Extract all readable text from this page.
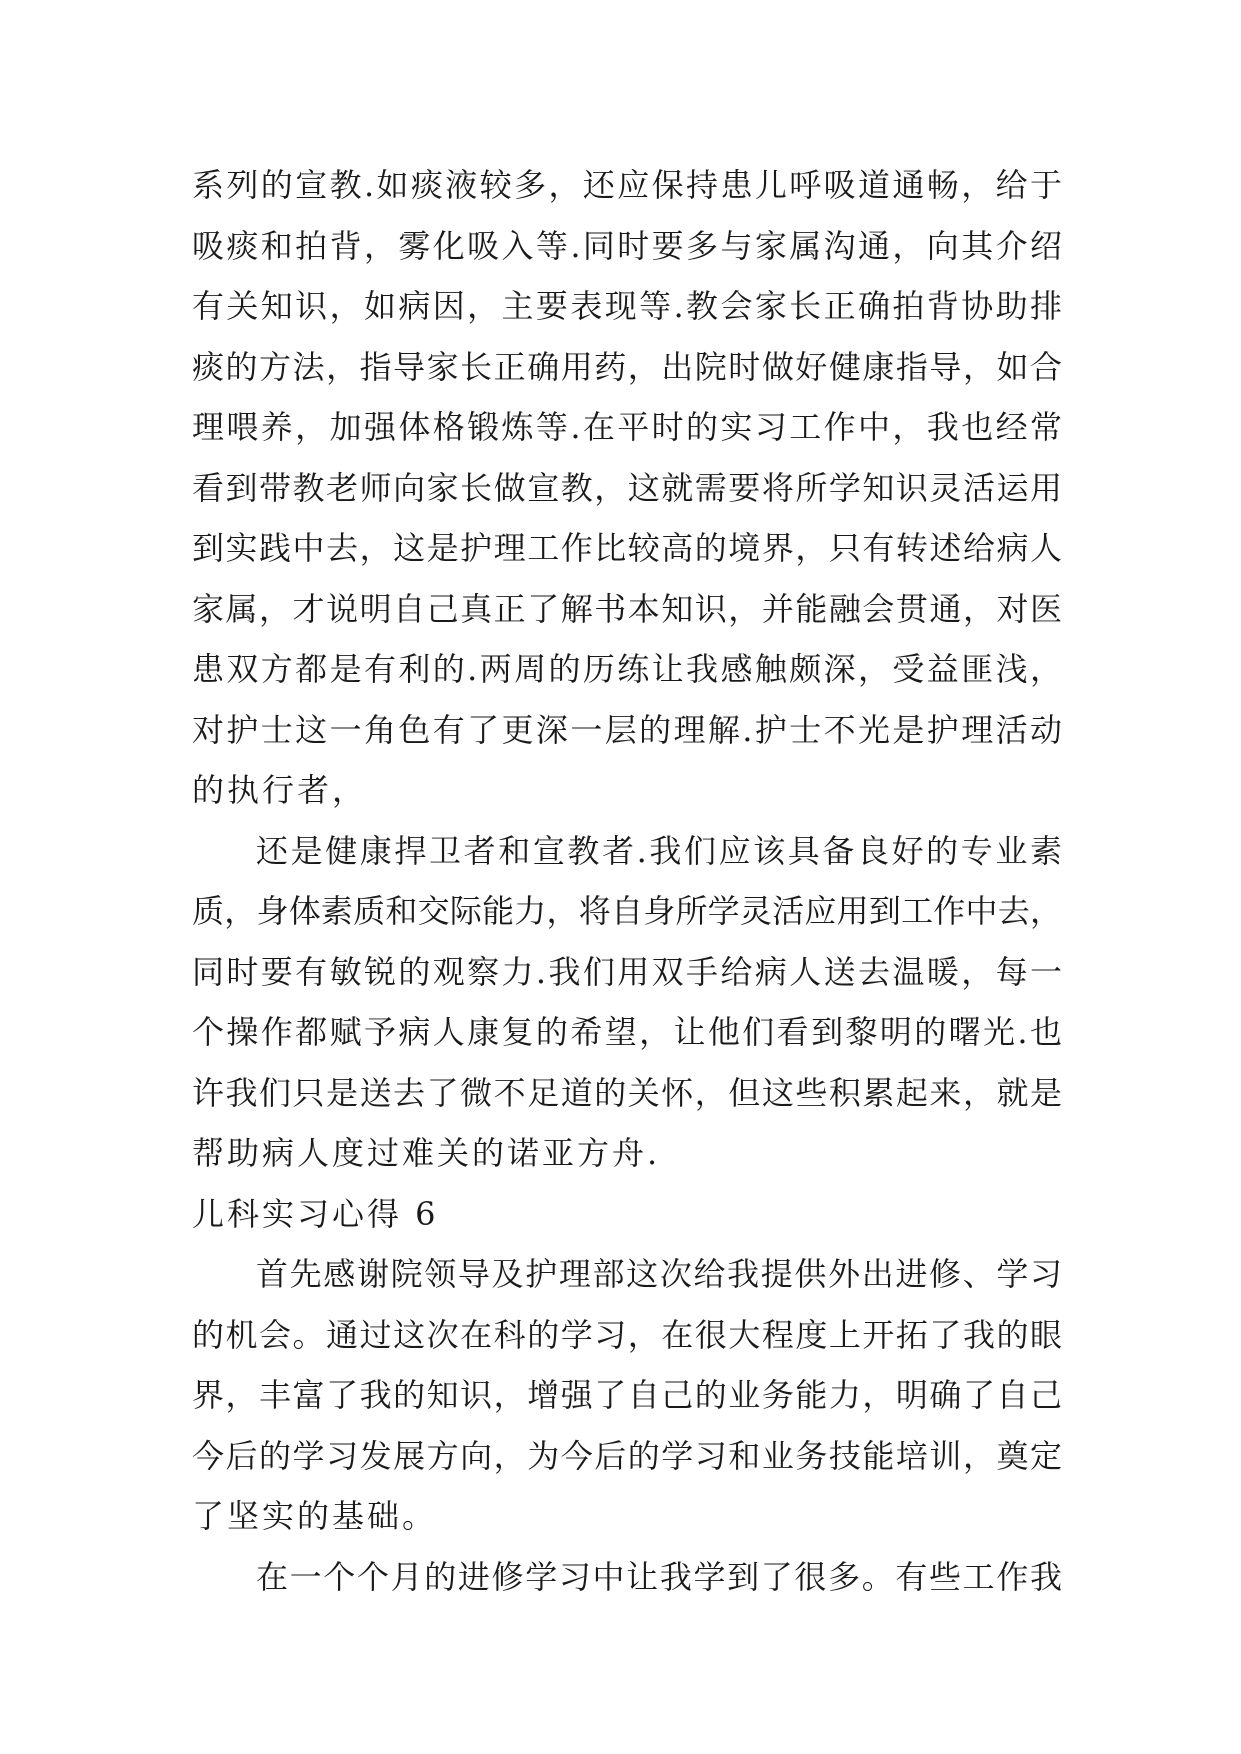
系列的宣教.如痰液较多，还应保持患儿呼吸道通畅，给于
吸痰和拍背，雾化吸入等.同时要多与家属沟通，向其介绍
有关知识，如病因，主要表现等.教会家长正确拍背协助排
痰的方法，指导家长正确用药，出院时做好健康指导，如合
理喂养，加强体格锻炼等.在平时的实习工作中，我也经常
看到带教老师向家长做宣教，这就需要将所学知识灵活运用
到实践中去，这是护理工作比较高的境界，只有转述给病人
家属，才说明自己真正了解书本知识，并能融会贯通，对医
患双方都是有利的.两周的历练让我感触颇深，受益匪浅，
对护士这一角色有了更深一层的理解.护士不光是护理活动
的执行者，
还是健康捍卫者和宣教者.我们应该具备良好的专业素
质，身体素质和交际能力，将自身所学灵活应用到工作中去，
同时要有敏锐的观察力.我们用双手给病人送去温暖，每一
个操作都赋予病人康复的希望，让他们看到黎明的曙光.也
许我们只是送去了微不足道的关怀，但这些积累起来，就是
帮助病人度过难关的诺亚方舟.
儿科实习心得 6
首先感谢院领导及护理部这次给我提供外出进修、学习
的机会。通过这次在科的学习，在很大程度上开拓了我的眼
界，丰富了我的知识，增强了自己的业务能力，明确了自己
今后的学习发展方向，为今后的学习和业务技能培训，奠定
了坚实的基础。
在一个个月的进修学习中让我学到了很多。有些工作我
